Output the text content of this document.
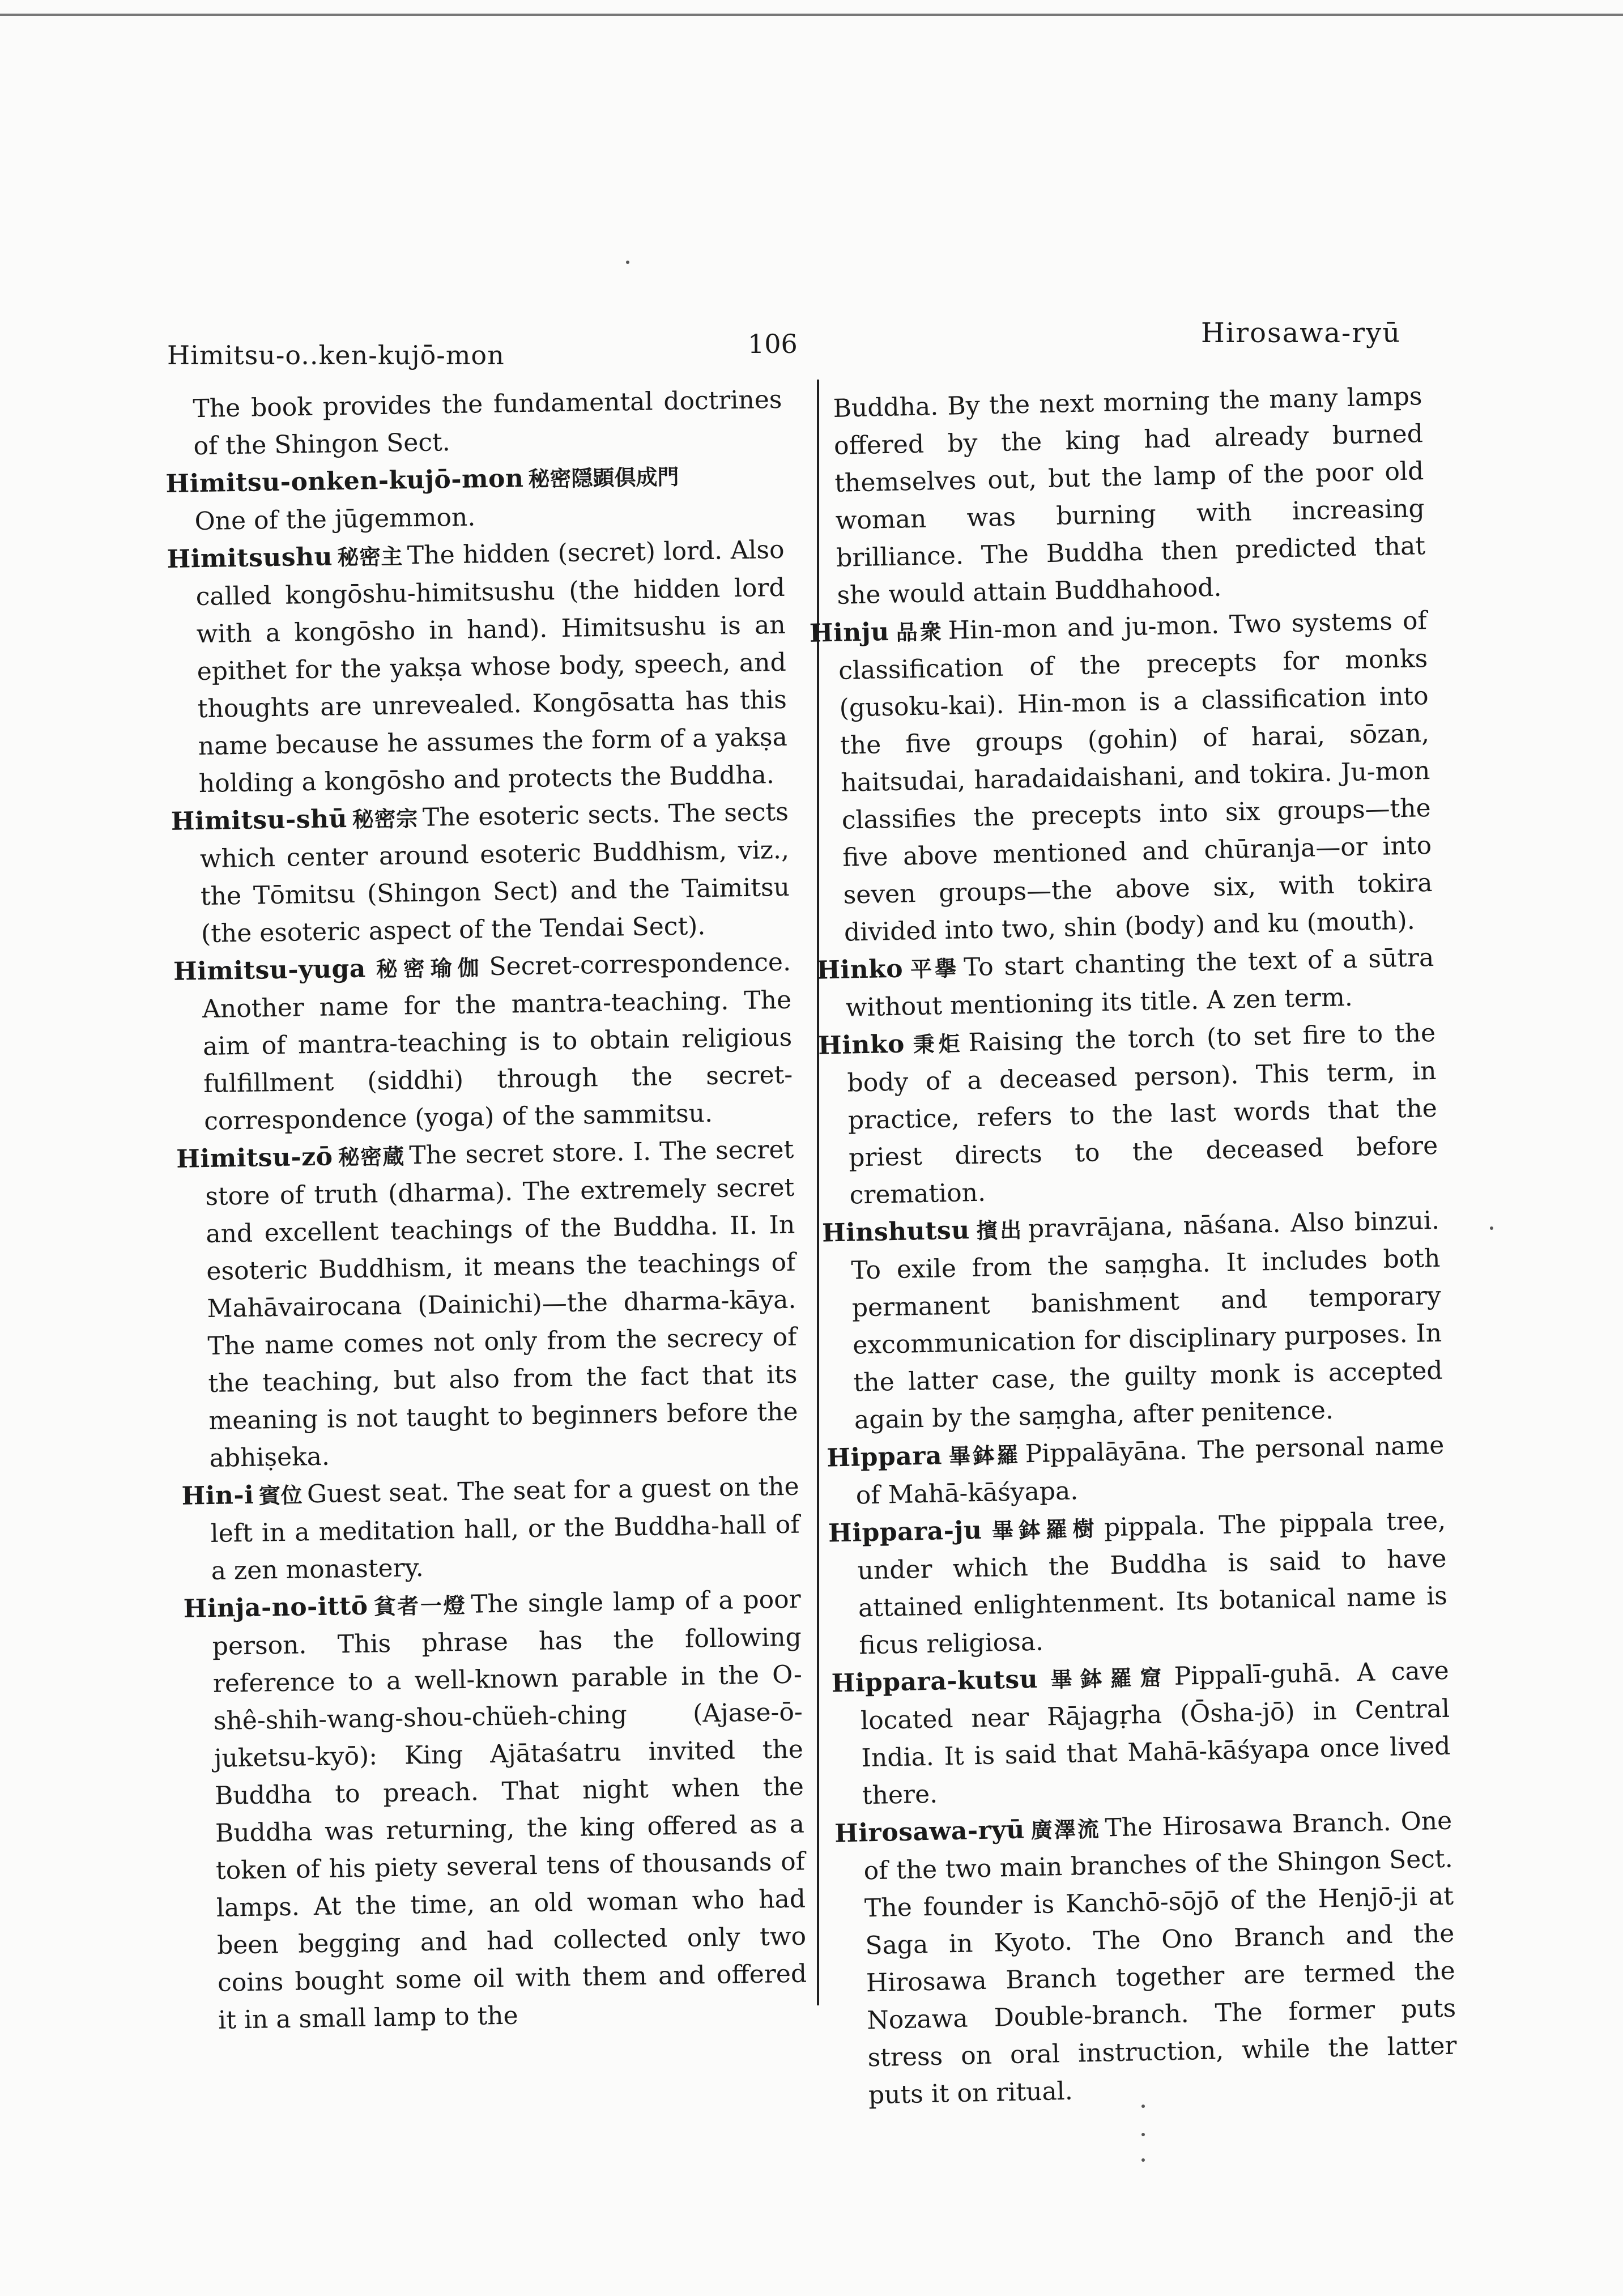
Himitsu-o..ken-kujō-mon	106	Hirosawa-ryū

The book provides the fundamental doctrines of the Shingon Sect.

Himitsu-onken-kujō-mon 秘密隠顕倶成門
One of the jūgemmon.

Himitsushu 秘密主 The hidden (secret) lord. Also called kongōshu-himitsushu (the hidden lord with a kongōsho in hand). Himitsushu is an epithet for the yakṣa whose body, speech, and thoughts are unrevealed. Kongōsatta has this name because he assumes the form of a yakṣa holding a kongōsho and protects the Buddha.

Himitsu-shū 秘密宗 The esoteric sects. The sects which center around esoteric Buddhism, viz., the Tōmitsu (Shingon Sect) and the Taimitsu (the esoteric aspect of the Tendai Sect).

Himitsu-yuga 秘密瑜伽 Secret-correspondence. Another name for the mantra-teaching. The aim of mantra-teaching is to obtain religious fulfillment (siddhi) through the secret-correspondence (yoga) of the sammitsu.

Himitsu-zō 秘密蔵 The secret store. I. The secret store of truth (dharma). The extremely secret and excellent teachings of the Buddha. II. In esoteric Buddhism, it means the teachings of Mahāvairocana (Dainichi)—the dharma-kāya. The name comes not only from the secrecy of the teaching, but also from the fact that its meaning is not taught to beginners before the abhiṣeka.

Hin-i 賓位 Guest seat. The seat for a guest on the left in a meditation hall, or the Buddha-hall of a zen monastery.

Hinja-no-ittō 貧者一燈 The single lamp of a poor person. This phrase has the following reference to a well-known parable in the O-shê-shih-wang-shou-chüeh-ching (Ajase-ō-juketsu-kyō): King Ajātaśatru invited the Buddha to preach. That night when the Buddha was returning, the king offered as a token of his piety several tens of thousands of lamps. At the time, an old woman who had been begging and had collected only two coins bought some oil with them and offered it in a small lamp to the

Buddha. By the next morning the many lamps offered by the king had already burned themselves out, but the lamp of the poor old woman was burning with increasing brilliance. The Buddha then predicted that she would attain Buddhahood.

Hinju 品衆 Hin-mon and ju-mon. Two systems of classification of the precepts for monks (gusoku-kai). Hin-mon is a classification into the five groups (gohin) of harai, sōzan, haitsudai, haradaidaishani, and tokira. Ju-mon classifies the precepts into six groups—the five above mentioned and chūranja—or into seven groups—the above six, with tokira divided into two, shin (body) and ku (mouth).

Hinko 平擧 To start chanting the text of a sūtra without mentioning its title. A zen term.

Hinko 秉炬 Raising the torch (to set fire to the body of a deceased person). This term, in practice, refers to the last words that the priest directs to the deceased before cremation.

Hinshutsu 擯出 pravrājana, nāśana. Also binzui. To exile from the saṃgha. It includes both permanent banishment and temporary excommunication for disciplinary purposes. In the latter case, the guilty monk is accepted again by the saṃgha, after penitence.

Hippara 畢鉢羅 Pippalāyāna. The personal name of Mahā-kāśyapa.

Hippara-ju 畢鉢羅樹 pippala. The pippala tree, under which the Buddha is said to have attained enlightenment. Its botanical name is ficus religiosa.

Hippara-kutsu 畢鉢羅窟 Pippalī-guhā. A cave located near Rājagṛha (Ōsha-jō) in Central India. It is said that Mahā-kāśyapa once lived there.

Hirosawa-ryū 廣澤流 The Hirosawa Branch. One of the two main branches of the Shingon Sect. The founder is Kanchō-sōjō of the Henjō-ji at Saga in Kyoto. The Ono Branch and the Hirosawa Branch together are termed the Nozawa Double-branch. The former puts stress on oral instruction, while the latter puts it on ritual.
